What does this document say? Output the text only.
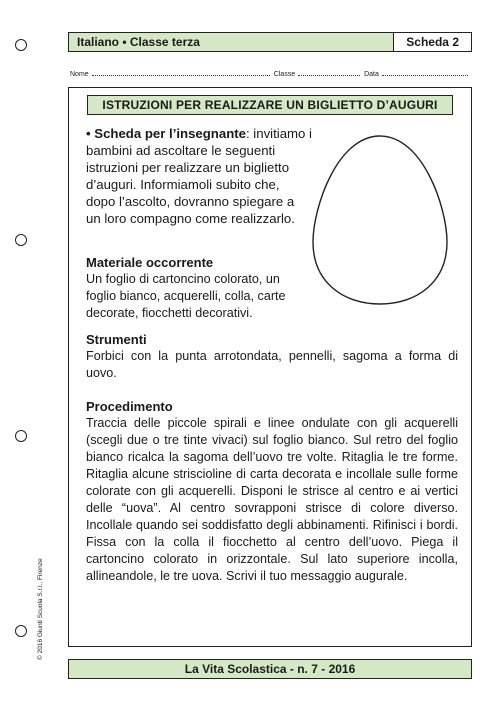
Italiano • Classe terza	Scheda 2
Nome	Classe	Data
ISTRUZIONI PER REALIZZARE UN BIGLIETTO D’AUGURI
• Scheda per l’insegnante: invitiamo i bambini ad ascoltare le seguenti istruzioni per realizzare un biglietto d’auguri. Informiamoli subito che, dopo l’ascolto, dovranno spiegare a un loro compagno come realizzarlo.
Materiale occorrente

Un foglio di cartoncino colorato, un foglio bianco, acquerelli, colla, carte decorate, fiocchetti decorativi.

Strumenti

Forbici con la punta arrotondata, pennelli, sagoma a forma di uovo.

Procedimento

Traccia delle piccole spirali e linee ondulate con gli acquerelli (scegli due o tre tinte vivaci) sul foglio bianco. Sul retro del foglio bianco ricalca la sagoma dell’uovo tre volte. Ritaglia le tre forme. Ritaglia alcune striscioline di carta decorata e incollale sulle forme colorate con gli acquerelli. Disponi le strisce al centro e ai vertici delle “uova”. Al centro sovrapponi strisce di colore diverso. Incollale quando sei soddisfatto degli abbinamenti. Rifinisci i bordi. Fissa con la colla il fiocchetto al centro dell’uovo. Piega il cartoncino colorato in orizzontale. Sul lato superiore incolla, allineandole, le tre uova. Scrivi il tuo messaggio augurale.

© 2016 Giunti Scuola S.r.l., Firenze
La Vita Scolastica - n. 7 - 2016
